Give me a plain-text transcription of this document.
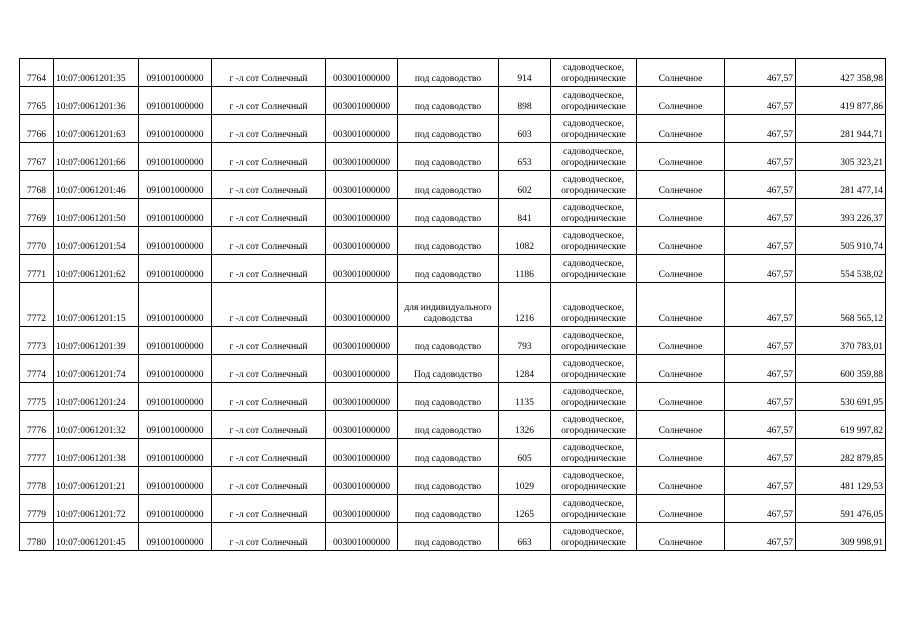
7764	10:07:0061201:35	091001000000	г -л сот Солнечный	003001000000	под садоводство	914	садоводческое, огороднические	Солнечное	467,57	427 358,98
7765	10:07:0061201:36	091001000000	г -л сот Солнечный	003001000000	под садоводство	898	садоводческое, огороднические	Солнечное	467,57	419 877,86
7766	10:07:0061201:63	091001000000	г -л сот Солнечный	003001000000	под садоводство	603	садоводческое, огороднические	Солнечное	467,57	281 944,71
7767	10:07:0061201:66	091001000000	г -л сот Солнечный	003001000000	под садоводство	653	садоводческое, огороднические	Солнечное	467,57	305 323,21
7768	10:07:0061201:46	091001000000	г -л сот Солнечный	003001000000	под садоводство	602	садоводческое, огороднические	Солнечное	467,57	281 477,14
7769	10:07:0061201:50	091001000000	г -л сот Солнечный	003001000000	под садоводство	841	садоводческое, огороднические	Солнечное	467,57	393 226,37
7770	10:07:0061201:54	091001000000	г -л сот Солнечный	003001000000	под садоводство	1082	садоводческое, огороднические	Солнечное	467,57	505 910,74
7771	10:07:0061201:62	091001000000	г -л сот Солнечный	003001000000	под садоводство	1186	садоводческое, огороднические	Солнечное	467,57	554 538,02
7772	10:07:0061201:15	091001000000	г -л сот Солнечный	003001000000	для индивидуального садоводства	1216	садоводческое, огороднические	Солнечное	467,57	568 565,12
7773	10:07:0061201:39	091001000000	г -л сот Солнечный	003001000000	под садоводство	793	садоводческое, огороднические	Солнечное	467,57	370 783,01
7774	10:07:0061201:74	091001000000	г -л сот Солнечный	003001000000	Под садоводство	1284	садоводческое, огороднические	Солнечное	467,57	600 359,88
7775	10:07:0061201:24	091001000000	г -л сот Солнечный	003001000000	под садоводство	1135	садоводческое, огороднические	Солнечное	467,57	530 691,95
7776	10:07:0061201:32	091001000000	г -л сот Солнечный	003001000000	под садоводство	1326	садоводческое, огороднические	Солнечное	467,57	619 997,82
7777	10:07:0061201:38	091001000000	г -л сот Солнечный	003001000000	под садоводство	605	садоводческое, огороднические	Солнечное	467,57	282 879,85
7778	10:07:0061201:21	091001000000	г -л сот Солнечный	003001000000	под садоводство	1029	садоводческое, огороднические	Солнечное	467,57	481 129,53
7779	10:07:0061201:72	091001000000	г -л сот Солнечный	003001000000	под садоводство	1265	садоводческое, огороднические	Солнечное	467,57	591 476,05
7780	10:07:0061201:45	091001000000	г -л сот Солнечный	003001000000	под садоводство	663	садоводческое, огороднические	Солнечное	467,57	309 998,91
